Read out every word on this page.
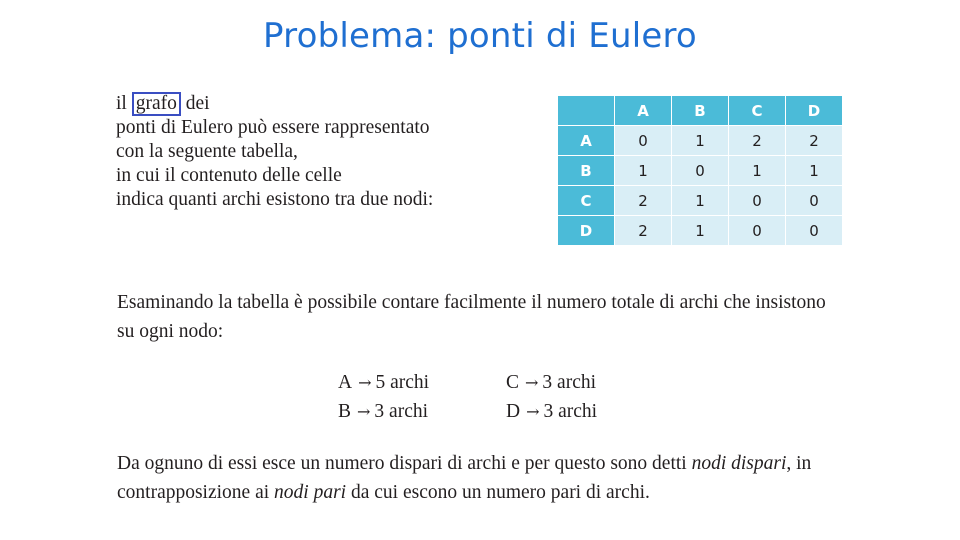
Problema: ponti di Eulero
il grafo dei
ponti di Eulero può essere rappresentato
con la seguente tabella,
in cui il contenuto delle celle
indica quanti archi esistono tra due nodi:
	A	B	C	D
A	0	1	2	2
B	1	0	1	1
C	2	1	0	0
D	2	1	0	0
Esaminando la tabella è possibile contare facilmente il numero totale di archi che insistono su ogni nodo:
A → 5 archi	C → 3 archi
B → 3 archi	D → 3 archi
Da ognuno di essi esce un numero dispari di archi e per questo sono detti nodi dispari, in contrapposizione ai nodi pari da cui escono un numero pari di archi.
